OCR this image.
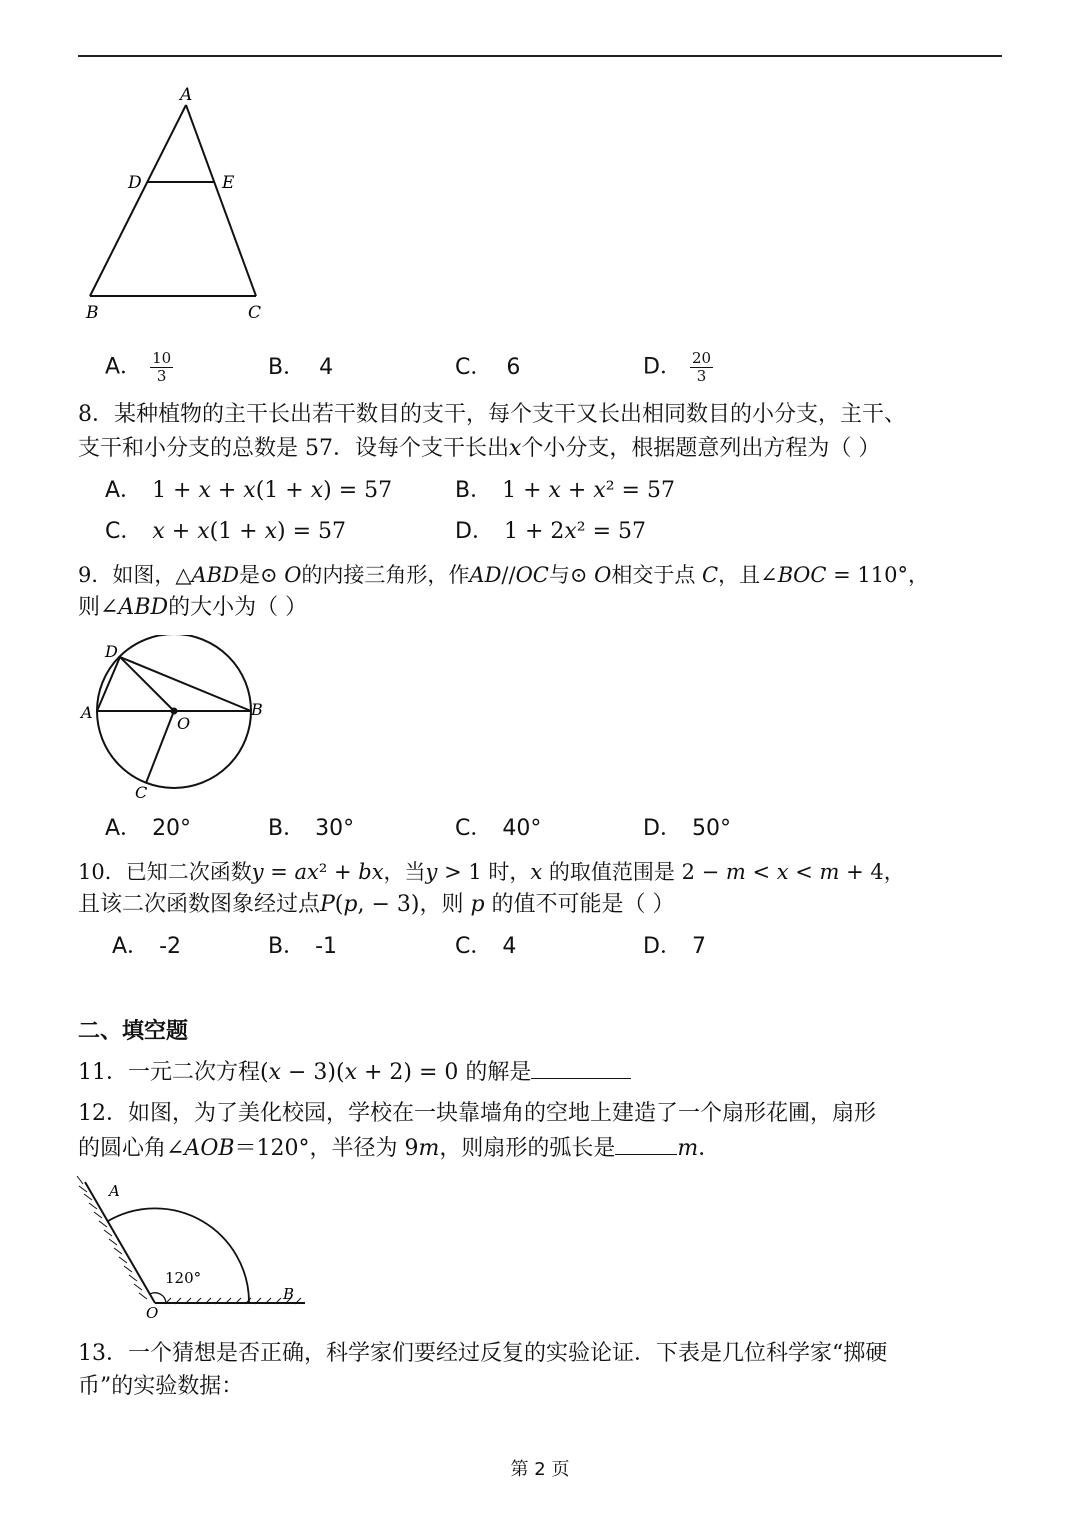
A
D	E
B	C
A． $\frac{10}{3}$	B． 4	C． 6	D． $\frac{20}{3}$
8．某种植物的主干长出若干数目的支干，每个支干又长出相同数目的小分支，主干、
支干和小分支的总数是 57．设每个支干长出𝑥个小分支，根据题意列出方程为（ ）
A． 1 + 𝑥 + 𝑥(1 + 𝑥) = 57	B． 1 + 𝑥 + 𝑥² = 57
C． 𝑥 + 𝑥(1 + 𝑥) = 57	D． 1 + 2𝑥² = 57
9．如图，△𝐴𝐵𝐷是⊙ 𝑂的内接三角形，作𝐴𝐷//𝑂𝐶与⊙ 𝑂相交于点 𝐶，且∠𝐵𝑂𝐶 = 110°，
则∠𝐴𝐵𝐷的大小为（ ）
D
A	B
O
C
A． 20°	B． 30°	C． 40°	D． 50°
10．已知二次函数𝑦 = 𝑎𝑥² + 𝑏𝑥，当𝑦 > 1 时，𝑥 的取值范围是 2 − 𝑚 < 𝑥 < 𝑚 + 4，
且该二次函数图象经过点𝑃(𝑝, − 3)，则 𝑝 的值不可能是（ ）
A． -2	B． -1	C． 4	D． 7
二、填空题
11．一元二次方程(𝑥 − 3)(𝑥 + 2) = 0 的解是
12．如图，为了美化校园，学校在一块靠墙角的空地上建造了一个扇形花圃，扇形
的圆心角∠𝐴𝑂𝐵＝120°，半径为 9𝑚，则扇形的弧长是	𝑚．
A
O
B
120°
13．一个猜想是否正确，科学家们要经过反复的实验论证．下表是几位科学家“掷硬
币”的实验数据：
第 2 页
